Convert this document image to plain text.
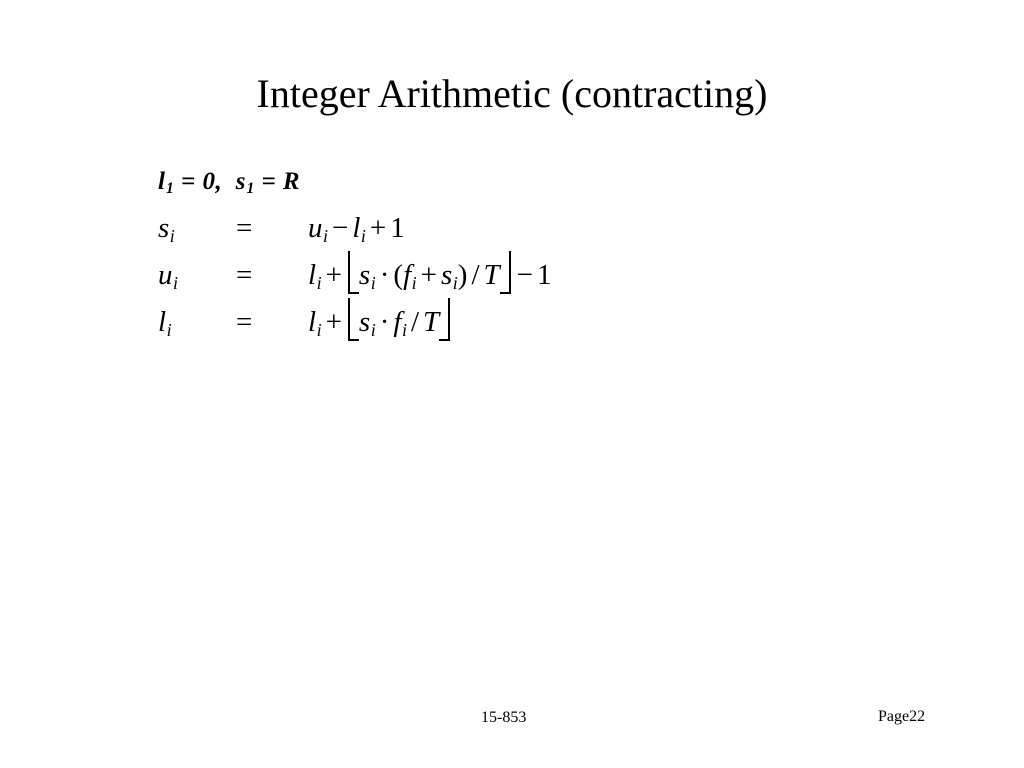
Integer Arithmetic (contracting)
$l_1 = 0$, $s_1 = R$
$s_i$	=	$u_i - l_i + 1$
$u_i$	=	$l_i + s_i \cdot (f_i + s_i) / T - 1$
$l_i$	=	$l_i + s_i \cdot f_i / T$
15-853	Page22
